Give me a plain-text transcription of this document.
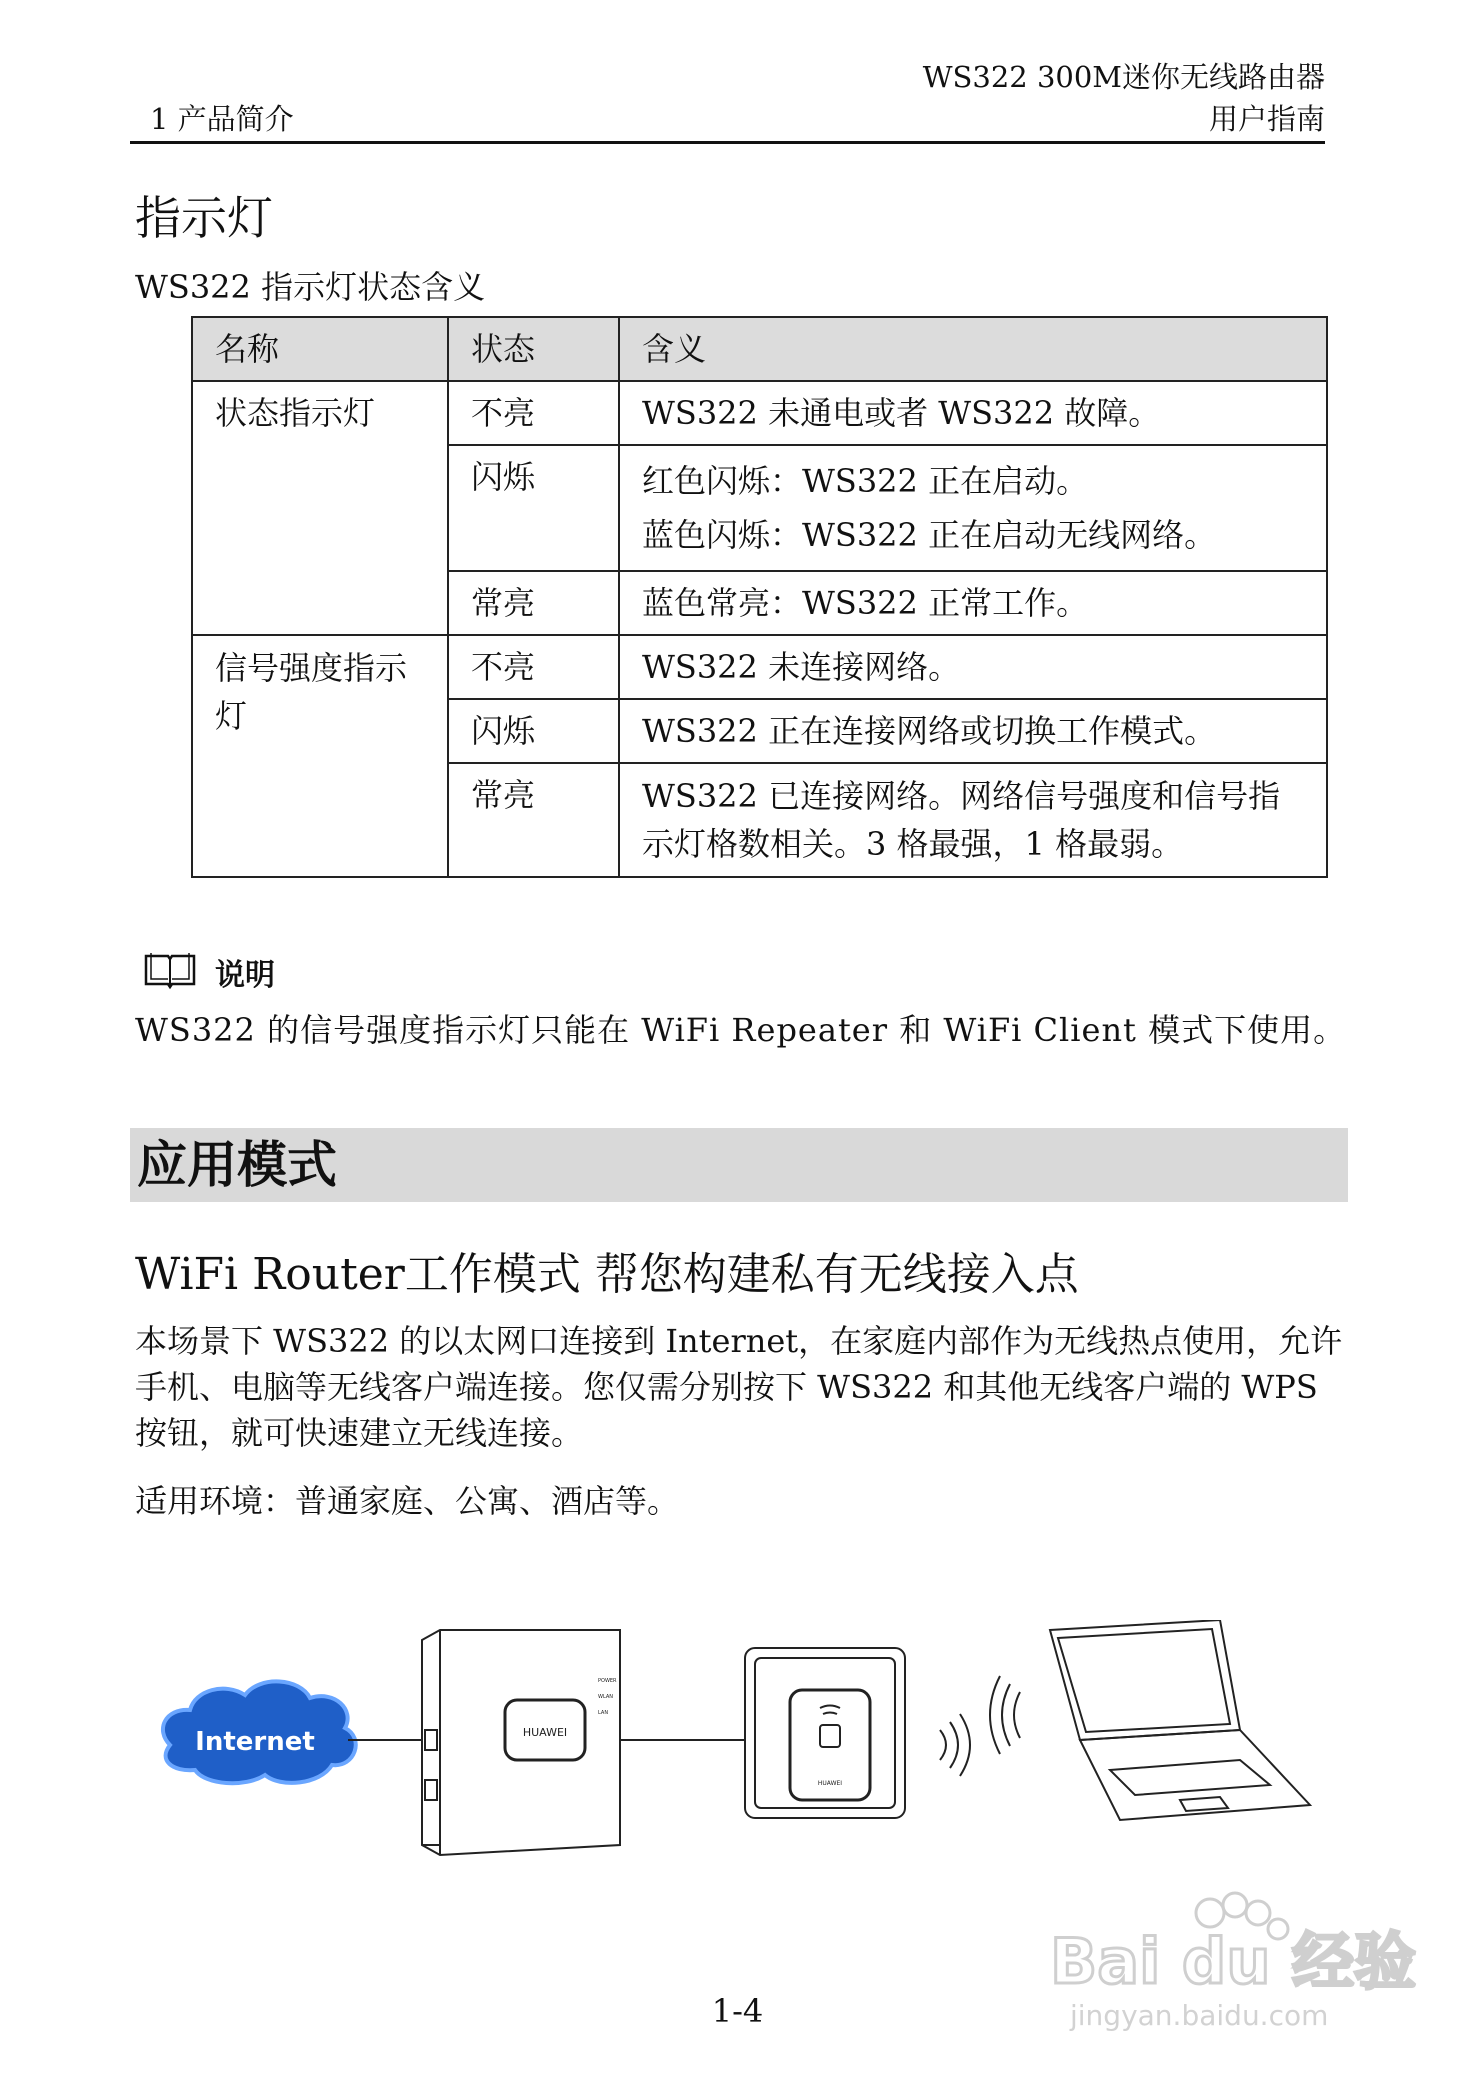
WS322 300M迷你无线路由器
用户指南
1 产品简介
指示灯
WS322 指示灯状态含义
名称	状态	含义
状态指示灯	不亮	WS322 未通电或者 WS322 故障。
	闪烁	红色闪烁：WS322 正在启动。
蓝色闪烁：WS322 正在启动无线网络。

	常亮	蓝色常亮：WS322 正常工作。
信号强度指示灯	不亮	WS322 未连接网络。
	闪烁	WS322 正在连接网络或切换工作模式。
	常亮	WS322 已连接网络。网络信号强度和信号指示灯格数相关。3 格最强，1 格最弱。
说明
WS322 的信号强度指示灯只能在 WiFi Repeater 和 WiFi Client 模式下使用。
应用模式
WiFi Router工作模式 帮您构建私有无线接入点
本场景下 WS322 的以太网口连接到 Internet，在家庭内部作为无线热点使用，允许手机、电脑等无线客户端连接。您仅需分别按下 WS322 和其他无线客户端的 WPS 按钮，就可快速建立无线连接。
适用环境：普通家庭、公寓、酒店等。
Internet	HUAWEI
POWER
WLAN
LAN
HUAWEI
1-4
Bai du 经验
jingyan.baidu.com
